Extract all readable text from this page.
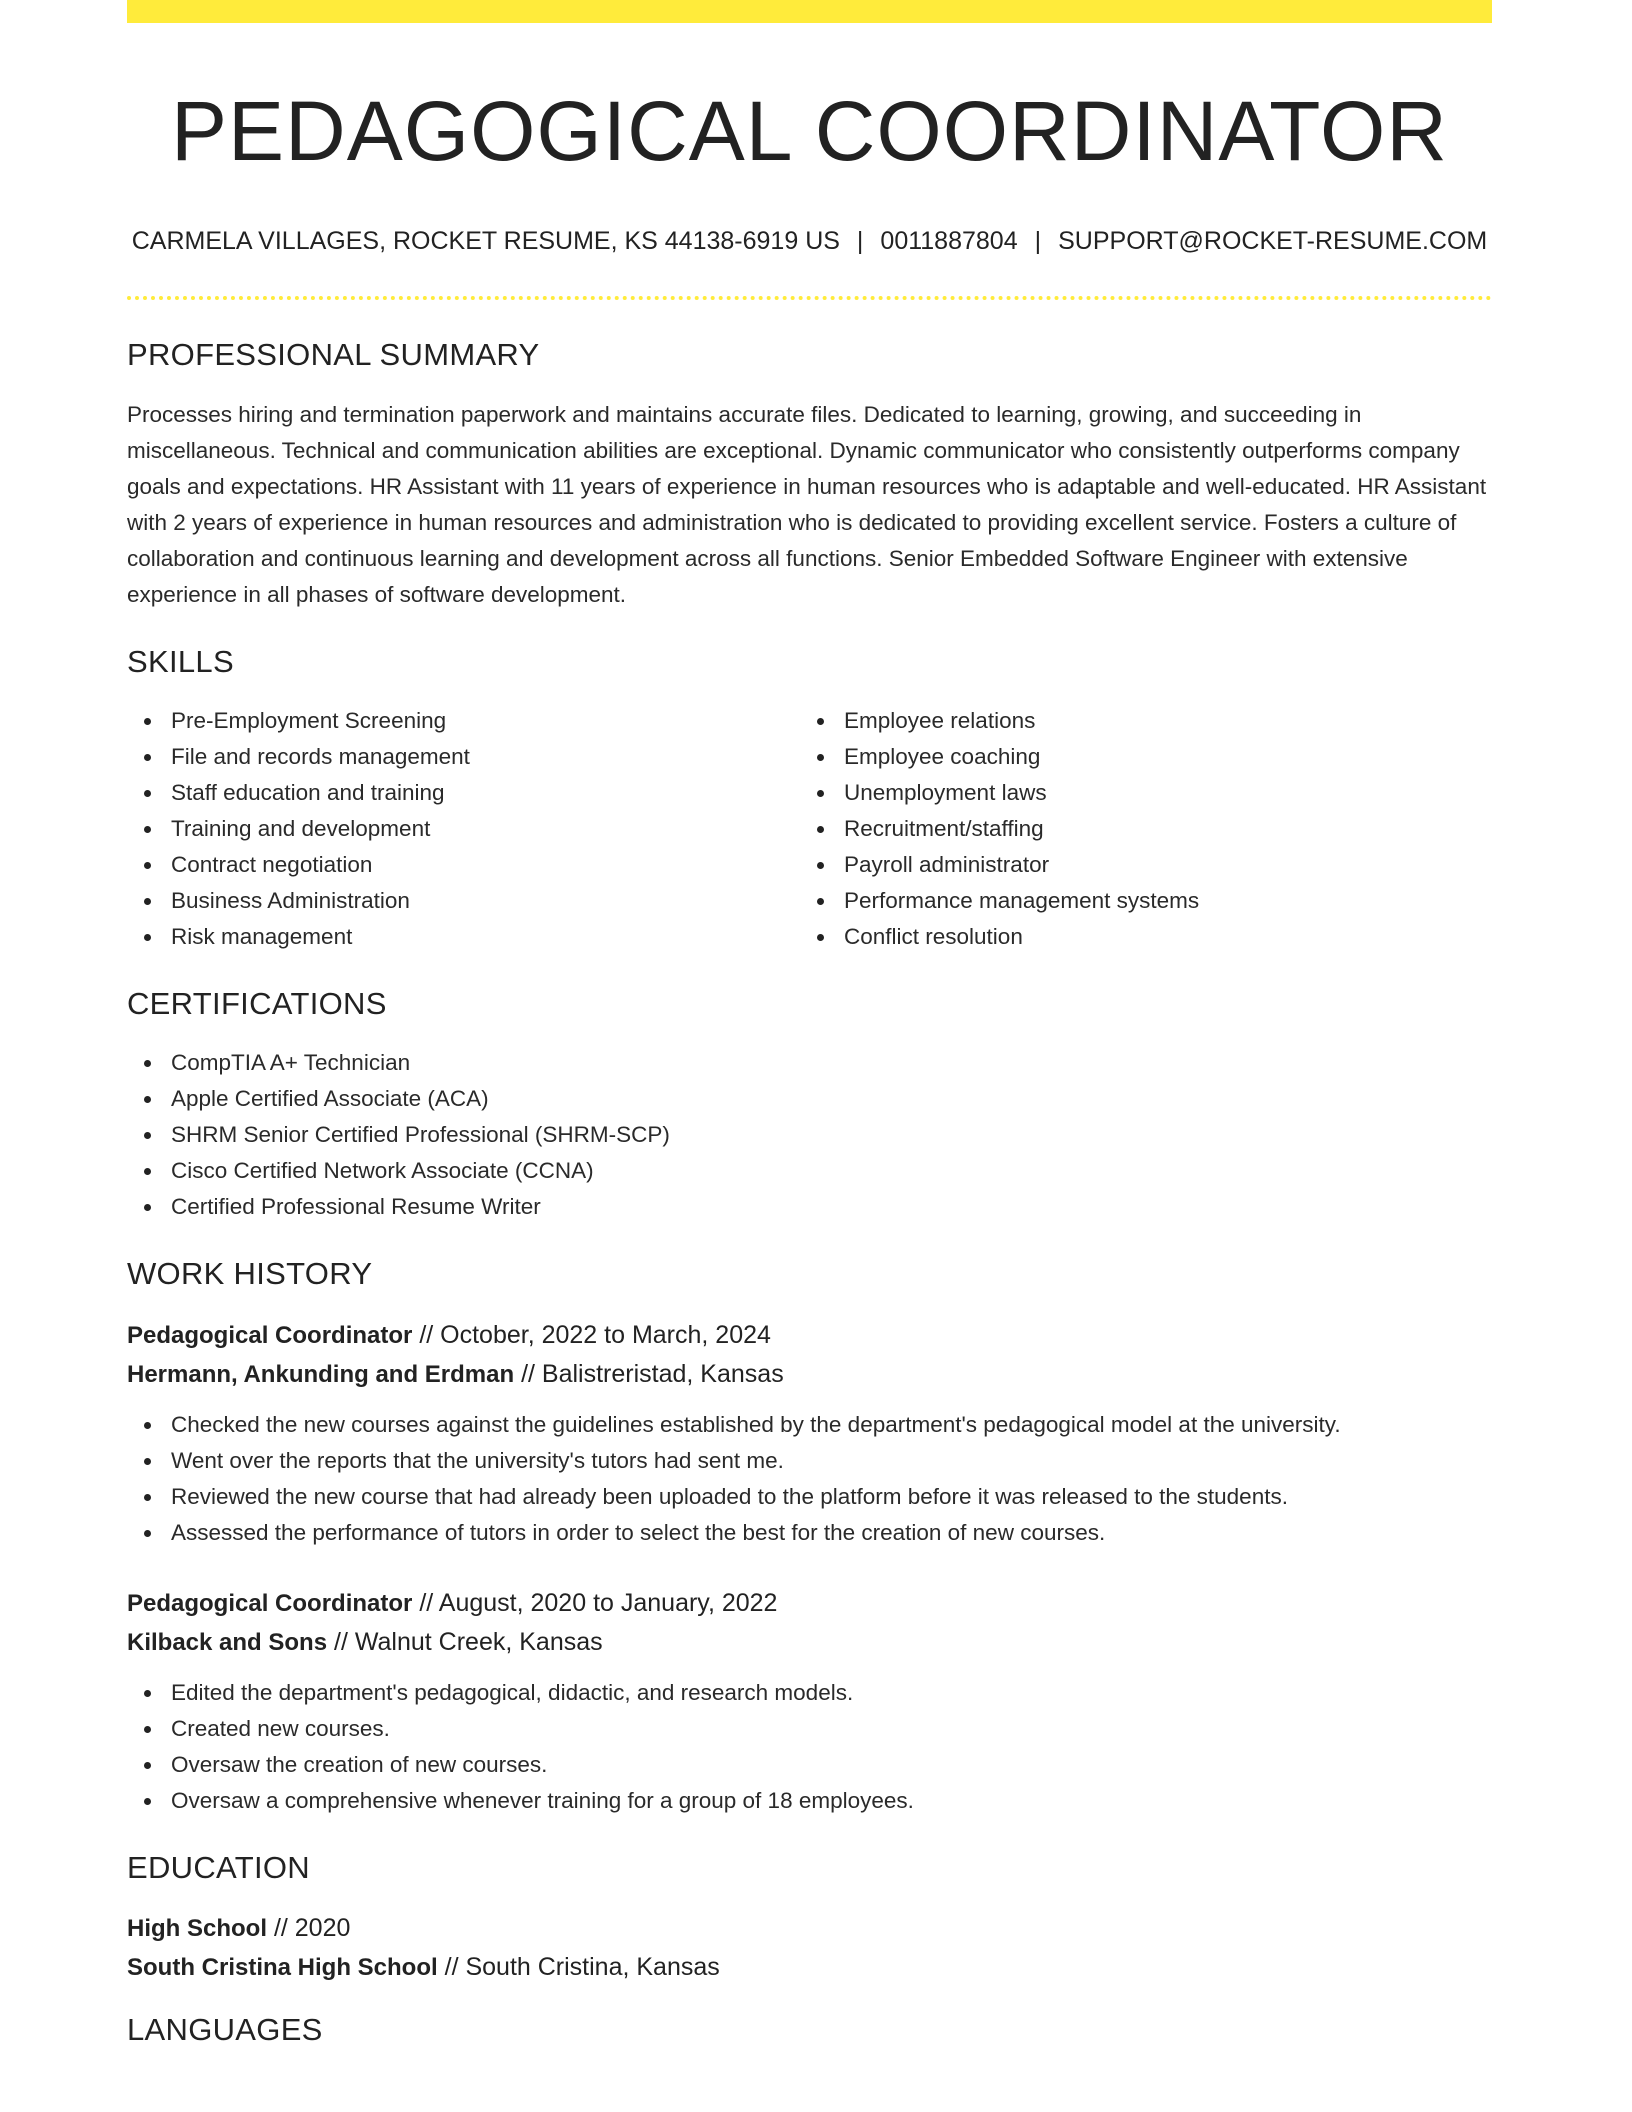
PEDAGOGICAL COORDINATOR
CARMELA VILLAGES, ROCKET RESUME, KS 44138-6919 US | 0011887804 | SUPPORT@ROCKET-RESUME.COM
PROFESSIONAL SUMMARY
Processes hiring and termination paperwork and maintains accurate files. Dedicated to learning, growing, and succeeding in miscellaneous. Technical and communication abilities are exceptional. Dynamic communicator who consistently outperforms company goals and expectations. HR Assistant with 11 years of experience in human resources who is adaptable and well-educated. HR Assistant with 2 years of experience in human resources and administration who is dedicated to providing excellent service. Fosters a culture of collaboration and continuous learning and development across all functions. Senior Embedded Software Engineer with extensive experience in all phases of software development.
SKILLS
Pre-Employment Screening
File and records management
Staff education and training
Training and development
Contract negotiation
Business Administration
Risk management
Employee relations
Employee coaching
Unemployment laws
Recruitment/staffing
Payroll administrator
Performance management systems
Conflict resolution
CERTIFICATIONS
CompTIA A+ Technician
Apple Certified Associate (ACA)
SHRM Senior Certified Professional (SHRM-SCP)
Cisco Certified Network Associate (CCNA)
Certified Professional Resume Writer
WORK HISTORY
Pedagogical Coordinator // October, 2022 to March, 2024
Hermann, Ankunding and Erdman // Balistreristad, Kansas
Checked the new courses against the guidelines established by the department's pedagogical model at the university.
Went over the reports that the university's tutors had sent me.
Reviewed the new course that had already been uploaded to the platform before it was released to the students.
Assessed the performance of tutors in order to select the best for the creation of new courses.
Pedagogical Coordinator // August, 2020 to January, 2022
Kilback and Sons // Walnut Creek, Kansas
Edited the department's pedagogical, didactic, and research models.
Created new courses.
Oversaw the creation of new courses.
Oversaw a comprehensive whenever training for a group of 18 employees.
EDUCATION
High School // 2020
South Cristina High School // South Cristina, Kansas
LANGUAGES
